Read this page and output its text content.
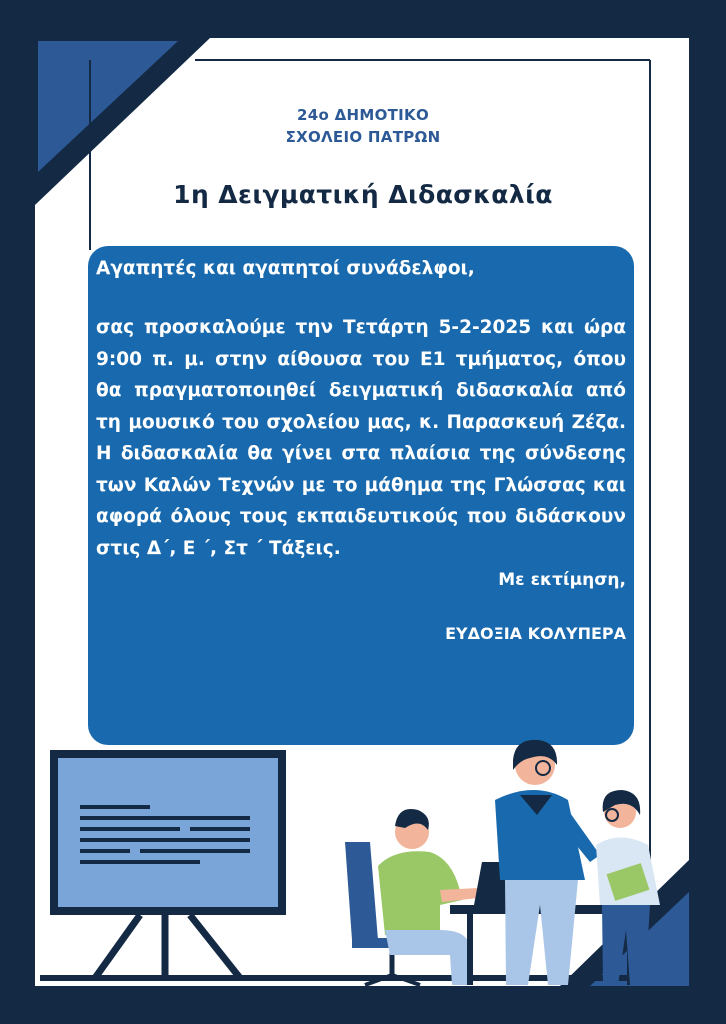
24ο ΔΗΜΟΤΙΚΟ
ΣΧΟΛΕΙΟ ΠΑΤΡΩΝ
1η Δειγματική Διδασκαλία
Αγαπητές και αγαπητοί συνάδελφοι,
σας προσκαλούμε την Τετάρτη 5-2-2025 και ώρα 9:00 π. μ. στην αίθουσα του Ε1 τμήματος, όπου θα πραγματοποιηθεί δειγματική διδασκαλία από τη μουσικό του σχολείου μας, κ. Παρασκευή Ζέζα. Η διδασκαλία θα γίνει στα πλαίσια της σύνδεσης των Καλών Τεχνών με το μάθημα της Γλώσσας και αφορά όλους τους εκπαιδευτικούς που διδάσκουν στις Δ΄, Ε ΄, Στ ΄ Τάξεις.
Με εκτίμηση,
ΕΥΔΟΞΙΑ ΚΟΛΥΠΕΡΑ
